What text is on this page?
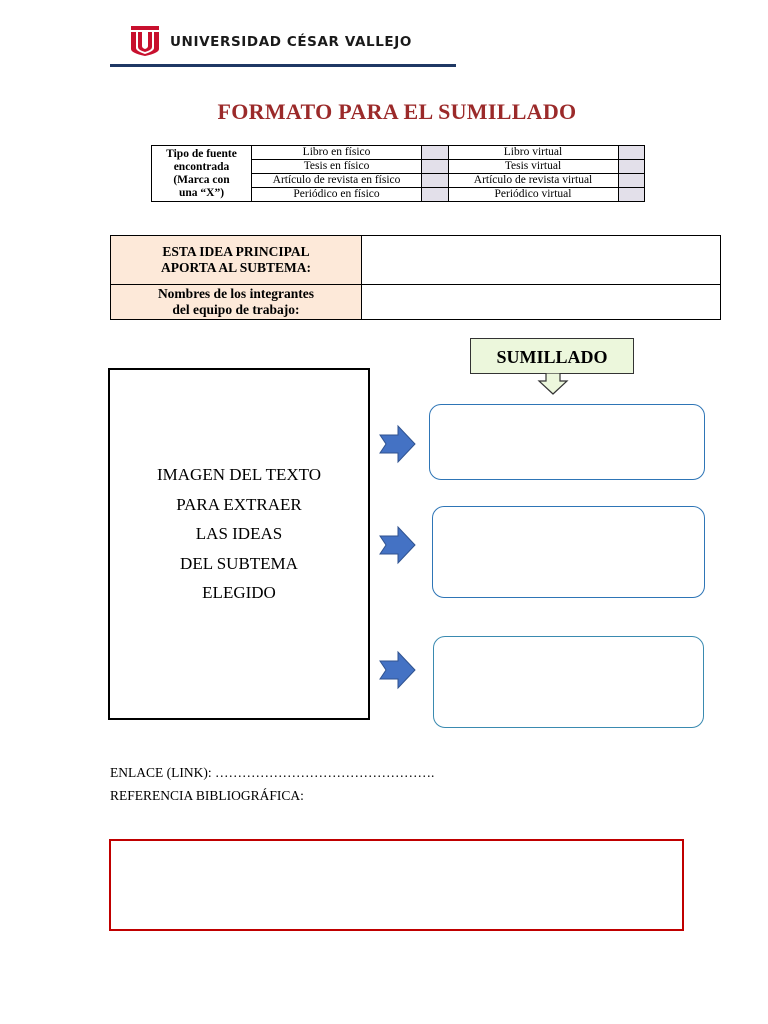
UNIVERSIDAD CÉSAR VALLEJO
FORMATO PARA EL SUMILLADO
Tipo de fuente
encontrada
(Marca con
una “X”)	Libro en físico		Libro virtual	
	Tesis en físico		Tesis virtual	
	Artículo de revista en físico		Artículo de revista virtual	
	Periódico en físico		Periódico virtual	
ESTA IDEA PRINCIPAL
APORTA AL SUBTEMA:	

Nombres de los integrantes
del equipo de trabajo:	

SUMILLADO
IMAGEN DEL TEXTO
PARA EXTRAER
LAS IDEAS
DEL SUBTEMA
ELEGIDO
ENLACE (LINK): ………………………………………….
REFERENCIA BIBLIOGRÁFICA:
